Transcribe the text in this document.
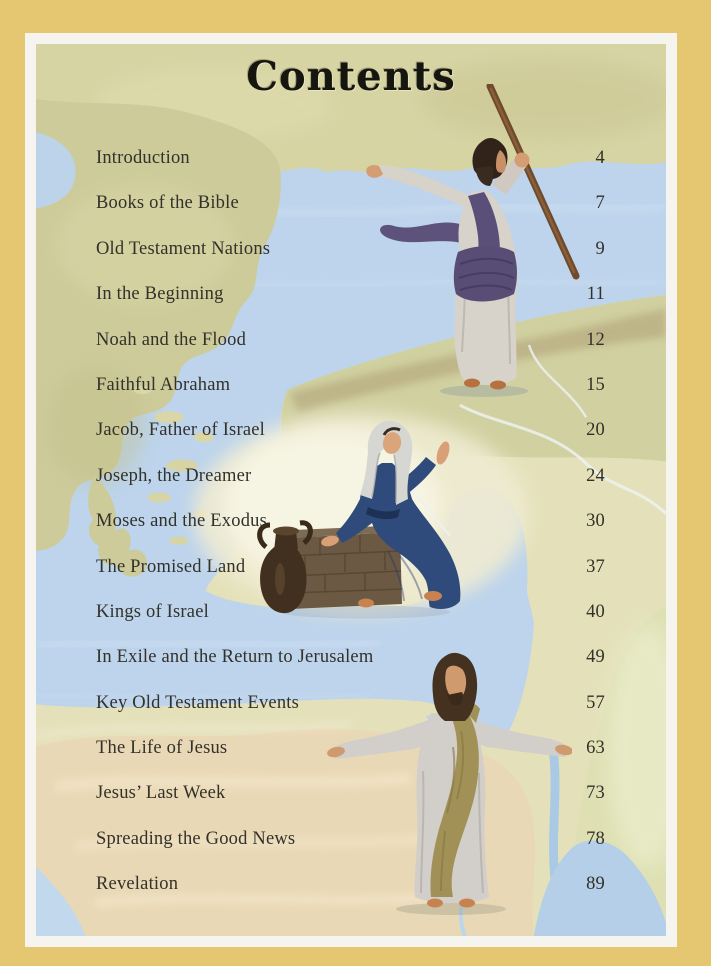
Contents
Introduction	4
Books of the Bible	7
Old Testament Nations	9
In the Beginning	11
Noah and the Flood	12
Faithful Abraham	15
Jacob, Father of Israel	20
Joseph, the Dreamer	24
Moses and the Exodus	30
The Promised Land	37
Kings of Israel	40
In Exile and the Return to Jerusalem	49
Key Old Testament Events	57
The Life of Jesus	63
Jesus’ Last Week	73
Spreading the Good News	78
Revelation	89
